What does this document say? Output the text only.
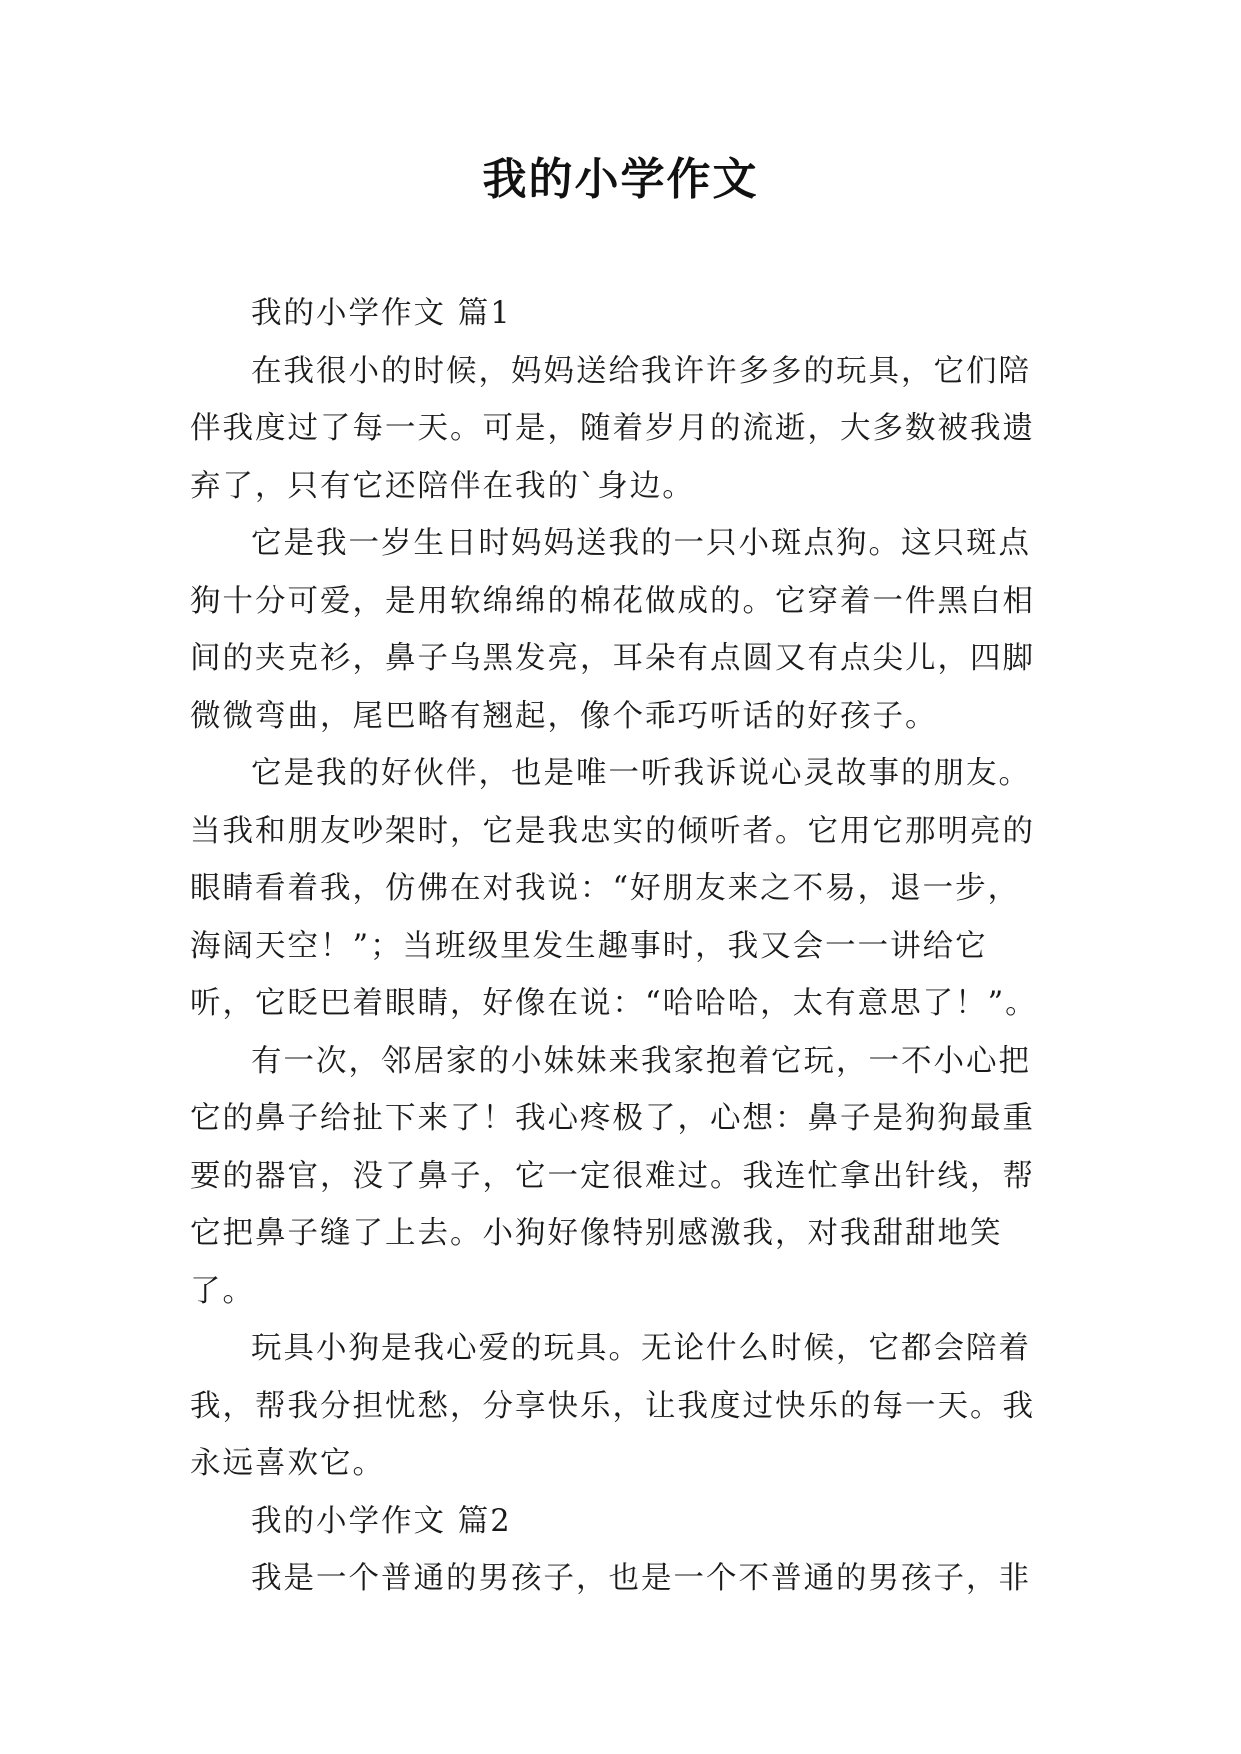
我的小学作文

我的小学作文 篇1

在我很小的时候，妈妈送给我许许多多的玩具，它们陪伴我度过了每一天。可是，随着岁月的流逝，大多数被我遗弃了，只有它还陪伴在我的`身边。

它是我一岁生日时妈妈送我的一只小斑点狗。这只斑点狗十分可爱，是用软绵绵的棉花做成的。它穿着一件黑白相间的夹克衫，鼻子乌黑发亮，耳朵有点圆又有点尖儿，四脚微微弯曲，尾巴略有翘起，像个乖巧听话的好孩子。

它是我的好伙伴，也是唯一听我诉说心灵故事的朋友。当我和朋友吵架时，它是我忠实的倾听者。它用它那明亮的眼睛看着我，仿佛在对我说：“好朋友来之不易，退一步，海阔天空！”；当班级里发生趣事时，我又会一一讲给它听，它眨巴着眼睛，好像在说：“哈哈哈，太有意思了！”。

有一次，邻居家的小妹妹来我家抱着它玩，一不小心把它的鼻子给扯下来了！我心疼极了，心想：鼻子是狗狗最重要的器官，没了鼻子，它一定很难过。我连忙拿出针线，帮它把鼻子缝了上去。小狗好像特别感激我，对我甜甜地笑了。

玩具小狗是我心爱的玩具。无论什么时候，它都会陪着我，帮我分担忧愁，分享快乐，让我度过快乐的每一天。我永远喜欢它。

我的小学作文 篇2

我是一个普通的男孩子，也是一个不普通的男孩子，非
